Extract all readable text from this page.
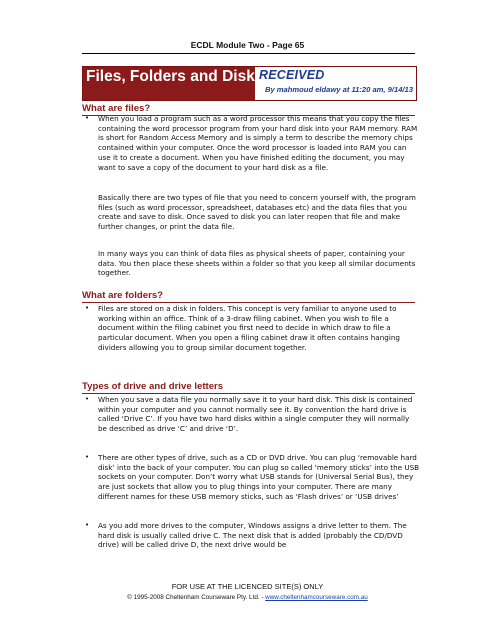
ECDL Module Two - Page 65
Files, Folders and Disks
RECEIVED
By mahmoud eldawy at 11:20 am, 9/14/13
What are files?
• When you load a program such as a word processor this means that you copy the files containing the word processor program from your hard disk into your RAM memory. RAM is short for Random Access Memory and is simply a term to describe the memory chips contained within your computer. Once the word processor is loaded into RAM you can use it to create a document. When you have finished editing the document, you may want to save a copy of the document to your hard disk as a file.

Basically there are two types of file that you need to concern yourself with, the program files (such as word processor, spreadsheet, databases etc) and the data files that you create and save to disk. Once saved to disk you can later reopen that file and make further changes, or print the data file.

In many ways you can think of data files as physical sheets of paper, containing your data. You then place these sheets within a folder so that you keep all similar documents together.

What are folders?
• Files are stored on a disk in folders. This concept is very familiar to anyone used to working within an office. Think of a 3-draw filing cabinet. When you wish to file a document within the filing cabinet you first need to decide in which draw to file a particular document. When you open a filing cabinet draw it often contains hanging dividers allowing you to group similar document together.

Types of drive and drive letters
• When you save a data file you normally save it to your hard disk. This disk is contained within your computer and you cannot normally see it. By convention the hard drive is called ‘Drive C’. If you have two hard disks within a single computer they will normally be described as drive ‘C’ and drive ‘D’.

• There are other types of drive, such as a CD or DVD drive. You can plug ‘removable hard disk’ into the back of your computer. You can plug so called ‘memory sticks’ into the USB sockets on your computer. Don’t worry what USB stands for (Universal Serial Bus), they are just sockets that allow you to plug things into your computer. There are many different names for these USB memory sticks, such as ‘Flash drives’ or ‘USB drives’

• As you add more drives to the computer, Windows assigns a drive letter to them. The hard disk is usually called drive C. The next disk that is added (probably the CD/DVD drive) will be called drive D, the next drive would be

FOR USE AT THE LICENCED SITE(S) ONLY
© 1995-2008 Cheltenham Courseware Pty. Ltd. - www.cheltenhamcourseware.com.au
